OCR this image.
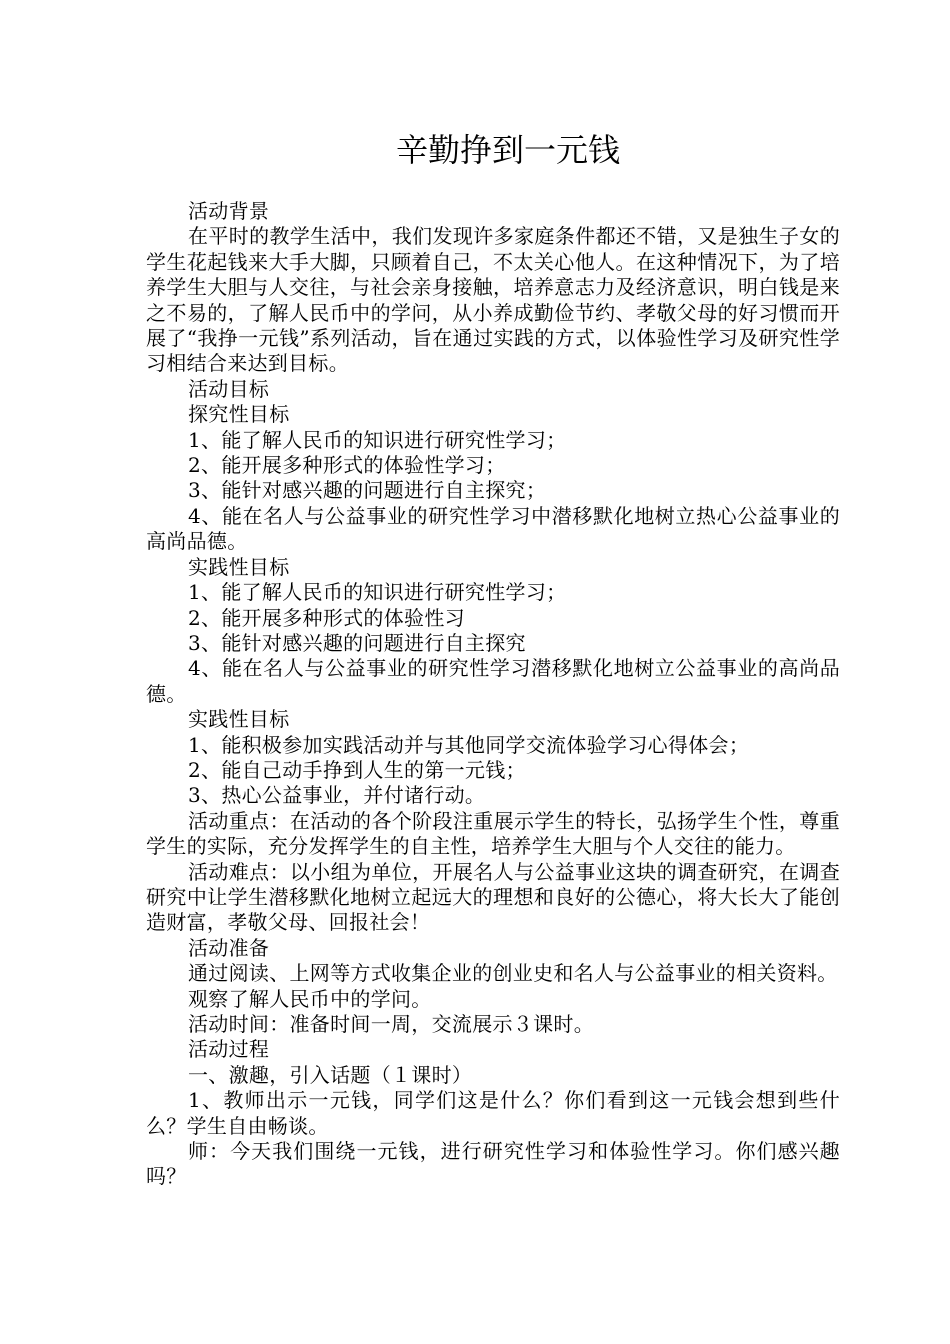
辛勤挣到一元钱

活动背景

在平时的教学生活中，我们发现许多家庭条件都还不错，又是独生子女的学生花起钱来大手大脚，只顾着自己，不太关心他人。在这种情况下，为了培养学生大胆与人交往，与社会亲身接触，培养意志力及经济意识，明白钱是来之不易的，了解人民币中的学问，从小养成勤俭节约、孝敬父母的好习惯而开展了“我挣一元钱”系列活动，旨在通过实践的方式，以体验性学习及研究性学习相结合来达到目标。

活动目标

探究性目标

1、能了解人民币的知识进行研究性学习；

2、能开展多种形式的体验性学习；

3、能针对感兴趣的问题进行自主探究；

4、能在名人与公益事业的研究性学习中潜移默化地树立热心公益事业的高尚品德。

实践性目标

1、能了解人民币的知识进行研究性学习；

2、能开展多种形式的体验性习

3、能针对感兴趣的问题进行自主探究

4、能在名人与公益事业的研究性学习潜移默化地树立公益事业的高尚品德。

实践性目标

1、能积极参加实践活动并与其他同学交流体验学习心得体会；

2、能自己动手挣到人生的第一元钱；

3、热心公益事业，并付诸行动。

活动重点：在活动的各个阶段注重展示学生的特长，弘扬学生个性，尊重学生的实际，充分发挥学生的自主性，培养学生大胆与个人交往的能力。

活动难点：以小组为单位，开展名人与公益事业这块的调查研究，在调查研究中让学生潜移默化地树立起远大的理想和良好的公德心，将大长大了能创造财富，孝敬父母、回报社会！

活动准备

通过阅读、上网等方式收集企业的创业史和名人与公益事业的相关资料。

观察了解人民币中的学问。

活动时间：准备时间一周，交流展示３课时。

活动过程

一、激趣，引入话题（１课时）

1、教师出示一元钱，同学们这是什么？你们看到这一元钱会想到些什么？学生自由畅谈。

师：今天我们围绕一元钱，进行研究性学习和体验性学习。你们感兴趣吗？
